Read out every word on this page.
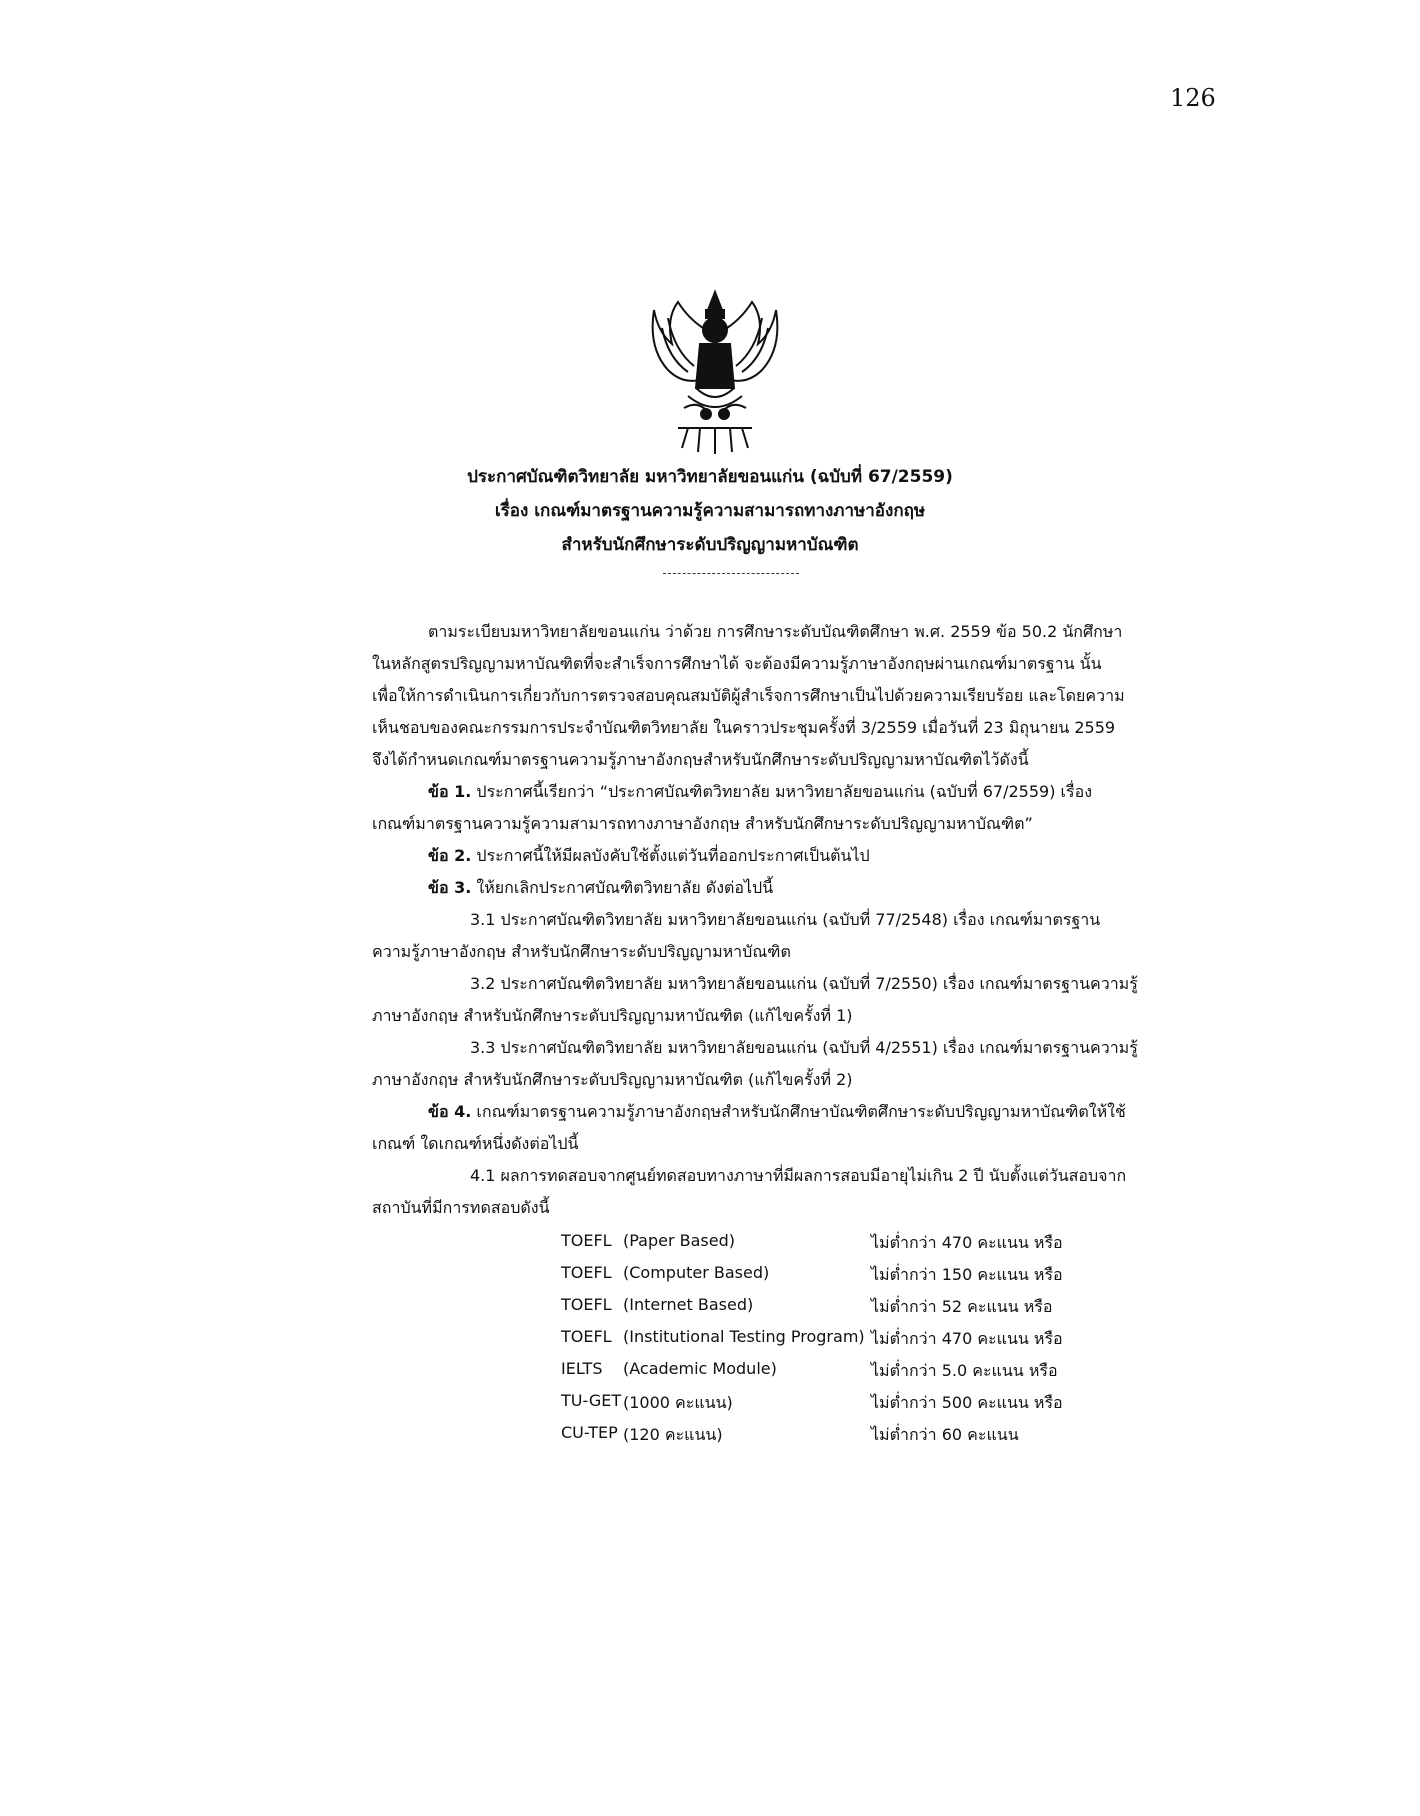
126
ประกาศบัณฑิตวิทยาลัย มหาวิทยาลัยขอนแก่น (ฉบับที่ 67/2559)
เรื่อง เกณฑ์มาตรฐานความรู้ความสามารถทางภาษาอังกฤษ
สำหรับนักศึกษาระดับปริญญามหาบัณฑิต
ตามระเบียบมหาวิทยาลัยขอนแก่น ว่าด้วย การศึกษาระดับบัณฑิตศึกษา พ.ศ. 2559 ข้อ 50.2 นักศึกษา
ในหลักสูตรปริญญามหาบัณฑิตที่จะสำเร็จการศึกษาได้ จะต้องมีความรู้ภาษาอังกฤษผ่านเกณฑ์มาตรฐาน นั้น
เพื่อให้การดำเนินการเกี่ยวกับการตรวจสอบคุณสมบัติผู้สำเร็จการศึกษาเป็นไปด้วยความเรียบร้อย และโดยความ
เห็นชอบของคณะกรรมการประจำบัณฑิตวิทยาลัย ในคราวประชุมครั้งที่ 3/2559 เมื่อวันที่ 23 มิถุนายน 2559
จึงได้กำหนดเกณฑ์มาตรฐานความรู้ภาษาอังกฤษสำหรับนักศึกษาระดับปริญญามหาบัณฑิตไว้ดังนี้
ข้อ 1. ประกาศนี้เรียกว่า “ประกาศบัณฑิตวิทยาลัย มหาวิทยาลัยขอนแก่น (ฉบับที่ 67/2559) เรื่อง
เกณฑ์มาตรฐานความรู้ความสามารถทางภาษาอังกฤษ สำหรับนักศึกษาระดับปริญญามหาบัณฑิต”
ข้อ 2. ประกาศนี้ให้มีผลบังคับใช้ตั้งแต่วันที่ออกประกาศเป็นต้นไป
ข้อ 3. ให้ยกเลิกประกาศบัณฑิตวิทยาลัย ดังต่อไปนี้
3.1 ประกาศบัณฑิตวิทยาลัย มหาวิทยาลัยขอนแก่น (ฉบับที่ 77/2548) เรื่อง เกณฑ์มาตรฐาน
ความรู้ภาษาอังกฤษ สำหรับนักศึกษาระดับปริญญามหาบัณฑิต
3.2 ประกาศบัณฑิตวิทยาลัย มหาวิทยาลัยขอนแก่น (ฉบับที่ 7/2550) เรื่อง เกณฑ์มาตรฐานความรู้
ภาษาอังกฤษ สำหรับนักศึกษาระดับปริญญามหาบัณฑิต (แก้ไขครั้งที่ 1)
3.3 ประกาศบัณฑิตวิทยาลัย มหาวิทยาลัยขอนแก่น (ฉบับที่ 4/2551) เรื่อง เกณฑ์มาตรฐานความรู้
ภาษาอังกฤษ สำหรับนักศึกษาระดับปริญญามหาบัณฑิต (แก้ไขครั้งที่ 2)
ข้อ 4. เกณฑ์มาตรฐานความรู้ภาษาอังกฤษสำหรับนักศึกษาบัณฑิตศึกษาระดับปริญญามหาบัณฑิตให้ใช้
เกณฑ์ ใดเกณฑ์หนึ่งดังต่อไปนี้
4.1 ผลการทดสอบจากศูนย์ทดสอบทางภาษาที่มีผลการสอบมีอายุไม่เกิน 2 ปี นับตั้งแต่วันสอบจาก
สถาบันที่มีการทดสอบดังนี้
TOEFL (Paper Based)	ไม่ต่ำกว่า 470 คะแนน หรือ
TOEFL (Computer Based)	ไม่ต่ำกว่า 150 คะแนน หรือ
TOEFL (Internet Based)	ไม่ต่ำกว่า 52 คะแนน หรือ
TOEFL (Institutional Testing Program) ไม่ต่ำกว่า 470 คะแนน หรือ
IELTS (Academic Module)	ไม่ต่ำกว่า 5.0 คะแนน หรือ
TU-GET (1000 คะแนน)	ไม่ต่ำกว่า 500 คะแนน หรือ
CU-TEP (120 คะแนน)	ไม่ต่ำกว่า 60 คะแนน
